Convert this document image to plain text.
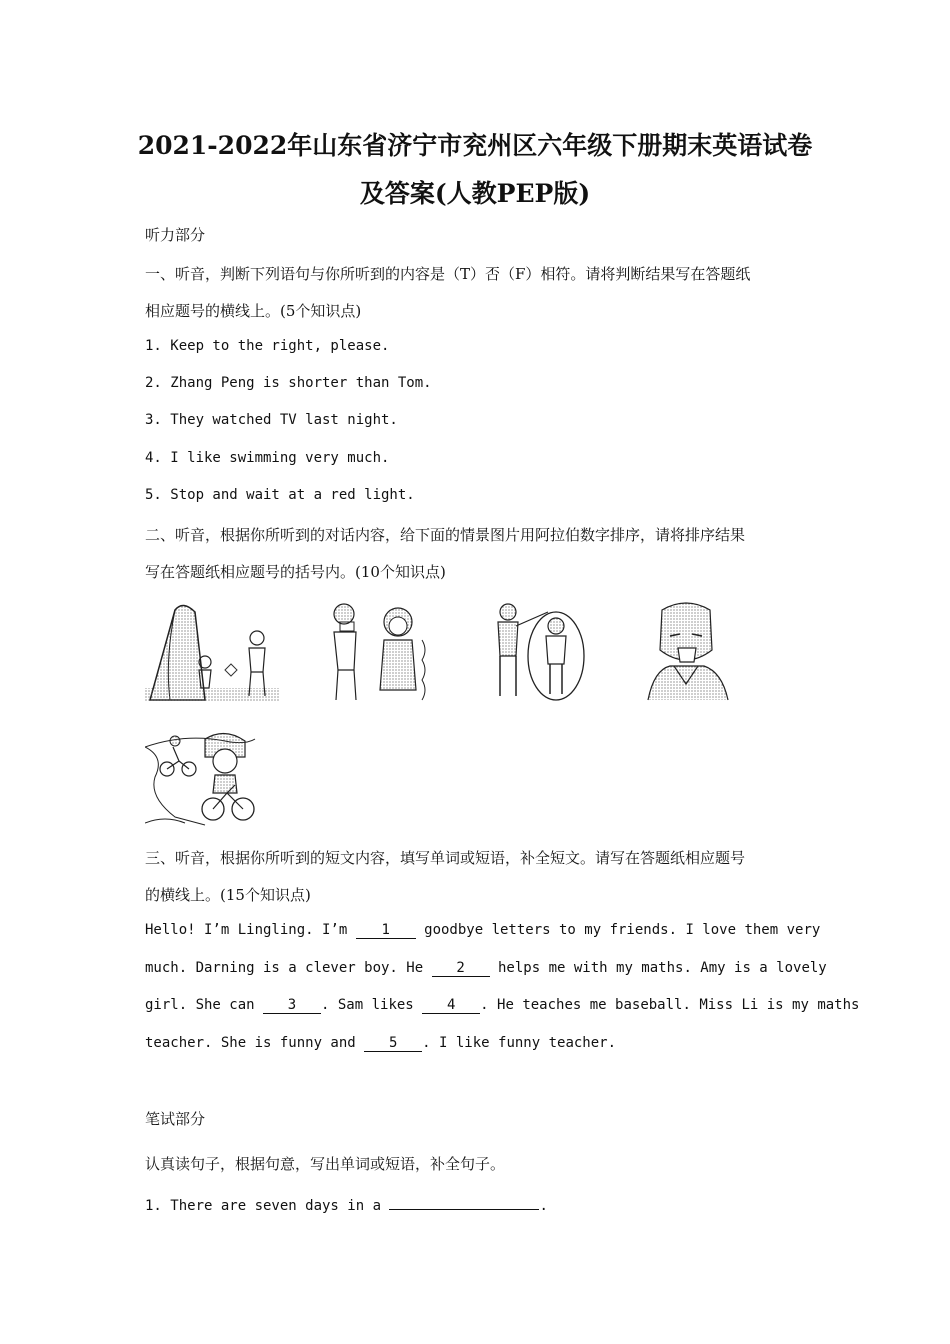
2021-2022年山东省济宁市兖州区六年级下册期末英语试卷
及答案(人教PEP版)
听力部分
一、听音，判断下列语句与你所听到的内容是（T）否（F）相符。请将判断结果写在答题纸
相应题号的横线上。(5个知识点)
1. Keep to the right, please.
2. Zhang Peng is shorter than Tom.
3. They watched TV last night.
4. I like swimming very much.
5. Stop and wait at a red light.
二、听音，根据你所听到的对话内容，给下面的情景图片用阿拉伯数字排序，请将排序结果
写在答题纸相应题号的括号内。(10个知识点)
三、听音，根据你所听到的短文内容，填写单词或短语，补全短文。请写在答题纸相应题号
的横线上。(15个知识点)
Hello! I’m Lingling. I’m 1 goodbye letters to my friends. I love them very
much. Darning is a clever boy. He 2 helps me with my maths. Amy is a lovely
girl. She can 3 . Sam likes 4 . He teaches me baseball. Miss Li is my maths
teacher. She is funny and 5 . I like funny teacher.
笔试部分
认真读句子，根据句意，写出单词或短语，补全句子。
1. There are seven days in a	.
